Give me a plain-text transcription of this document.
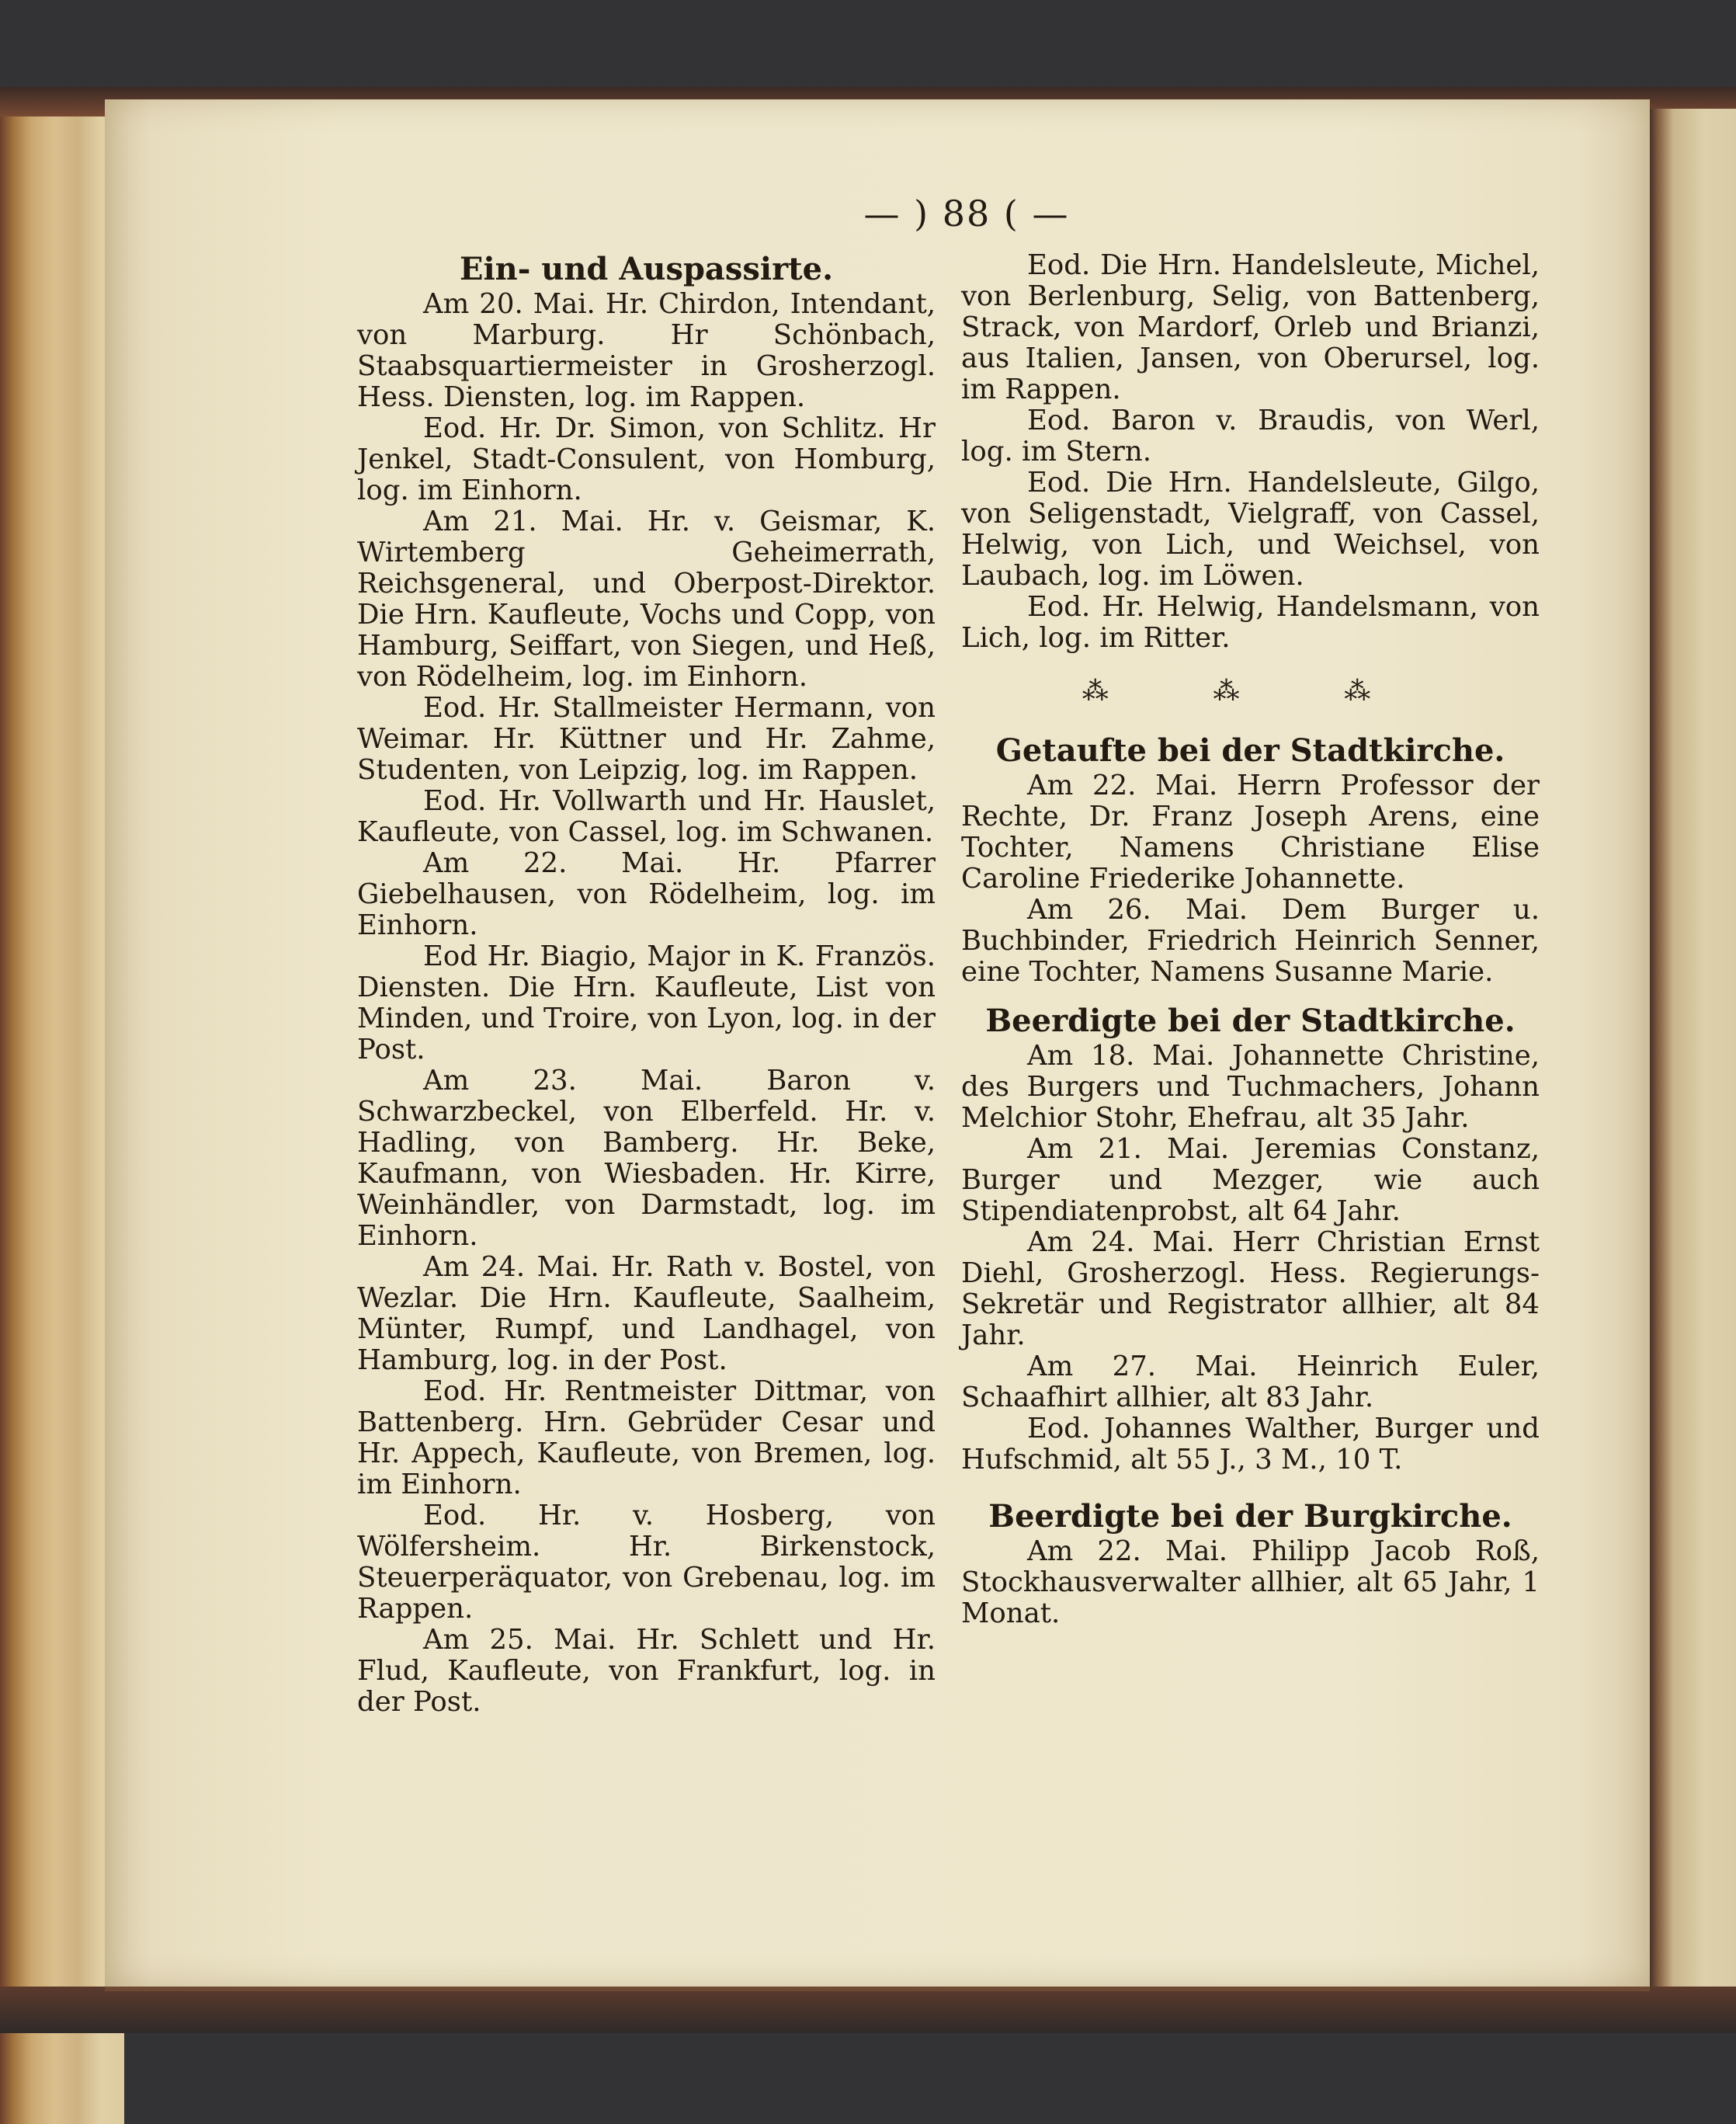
— ) 88 ( —

Ein- und Auspassirte.

Am 20. Mai. Hr. Chirdon, Intendant, von Marburg. Hr Schönbach, Staabsquartiermeister in Grosherzogl. Hess. Diensten, log. im Rappen.

Eod. Hr. Dr. Simon, von Schlitz. Hr Jenkel, Stadt-Consulent, von Homburg, log. im Einhorn.

Am 21. Mai. Hr. v. Geismar, K. Wirtemberg Geheimerrath, Reichsgeneral, und Oberpost-Direktor. Die Hrn. Kaufleute, Vochs und Copp, von Hamburg, Seiffart, von Siegen, und Heß, von Rödelheim, log. im Einhorn.

Eod. Hr. Stallmeister Hermann, von Weimar. Hr. Küttner und Hr. Zahme, Studenten, von Leipzig, log. im Rappen.

Eod. Hr. Vollwarth und Hr. Hauslet, Kaufleute, von Cassel, log. im Schwanen.

Am 22. Mai. Hr. Pfarrer Giebelhausen, von Rödelheim, log. im Einhorn.

Eod Hr. Biagio, Major in K. Französ. Diensten. Die Hrn. Kaufleute, List von Minden, und Troire, von Lyon, log. in der Post.

Am 23. Mai. Baron v. Schwarzbeckel, von Elberfeld. Hr. v. Hadling, von Bamberg. Hr. Beke, Kaufmann, von Wiesbaden. Hr. Kirre, Weinhändler, von Darmstadt, log. im Einhorn.

Am 24. Mai. Hr. Rath v. Bostel, von Wezlar. Die Hrn. Kaufleute, Saalheim, Münter, Rumpf, und Landhagel, von Hamburg, log. in der Post.

Eod. Hr. Rentmeister Dittmar, von Battenberg. Hrn. Gebrüder Cesar und Hr. Appech, Kaufleute, von Bremen, log. im Einhorn.

Eod. Hr. v. Hosberg, von Wölfersheim. Hr. Birkenstock, Steuerperäquator, von Grebenau, log. im Rappen.

Am 25. Mai. Hr. Schlett und Hr. Flud, Kaufleute, von Frankfurt, log. in der Post.

Eod. Die Hrn. Handelsleute, Michel, von Berlenburg, Selig, von Battenberg, Strack, von Mardorf, Orleb und Brianzi, aus Italien, Jansen, von Oberursel, log. im Rappen.

Eod. Baron v. Braudis, von Werl, log. im Stern.

Eod. Die Hrn. Handelsleute, Gilgo, von Seligenstadt, Vielgraff, von Cassel, Helwig, von Lich, und Weichsel, von Laubach, log. im Löwen.

Eod. Hr. Helwig, Handelsmann, von Lich, log. im Ritter.

⁂ ⁂ ⁂

Getaufte bei der Stadtkirche.

Am 22. Mai. Herrn Professor der Rechte, Dr. Franz Joseph Arens, eine Tochter, Namens Christiane Elise Caroline Friederike Johannette.

Am 26. Mai. Dem Burger u. Buchbinder, Friedrich Heinrich Senner, eine Tochter, Namens Susanne Marie.

Beerdigte bei der Stadtkirche.

Am 18. Mai. Johannette Christine, des Burgers und Tuchmachers, Johann Melchior Stohr, Ehefrau, alt 35 Jahr.

Am 21. Mai. Jeremias Constanz, Burger und Mezger, wie auch Stipendiatenprobst, alt 64 Jahr.

Am 24. Mai. Herr Christian Ernst Diehl, Grosherzogl. Hess. Regierungs-Sekretär und Registrator allhier, alt 84 Jahr.

Am 27. Mai. Heinrich Euler, Schaafhirt allhier, alt 83 Jahr.

Eod. Johannes Walther, Burger und Hufschmid, alt 55 J., 3 M., 10 T.

Beerdigte bei der Burgkirche.

Am 22. Mai. Philipp Jacob Roß, Stockhausverwalter allhier, alt 65 Jahr, 1 Monat.
